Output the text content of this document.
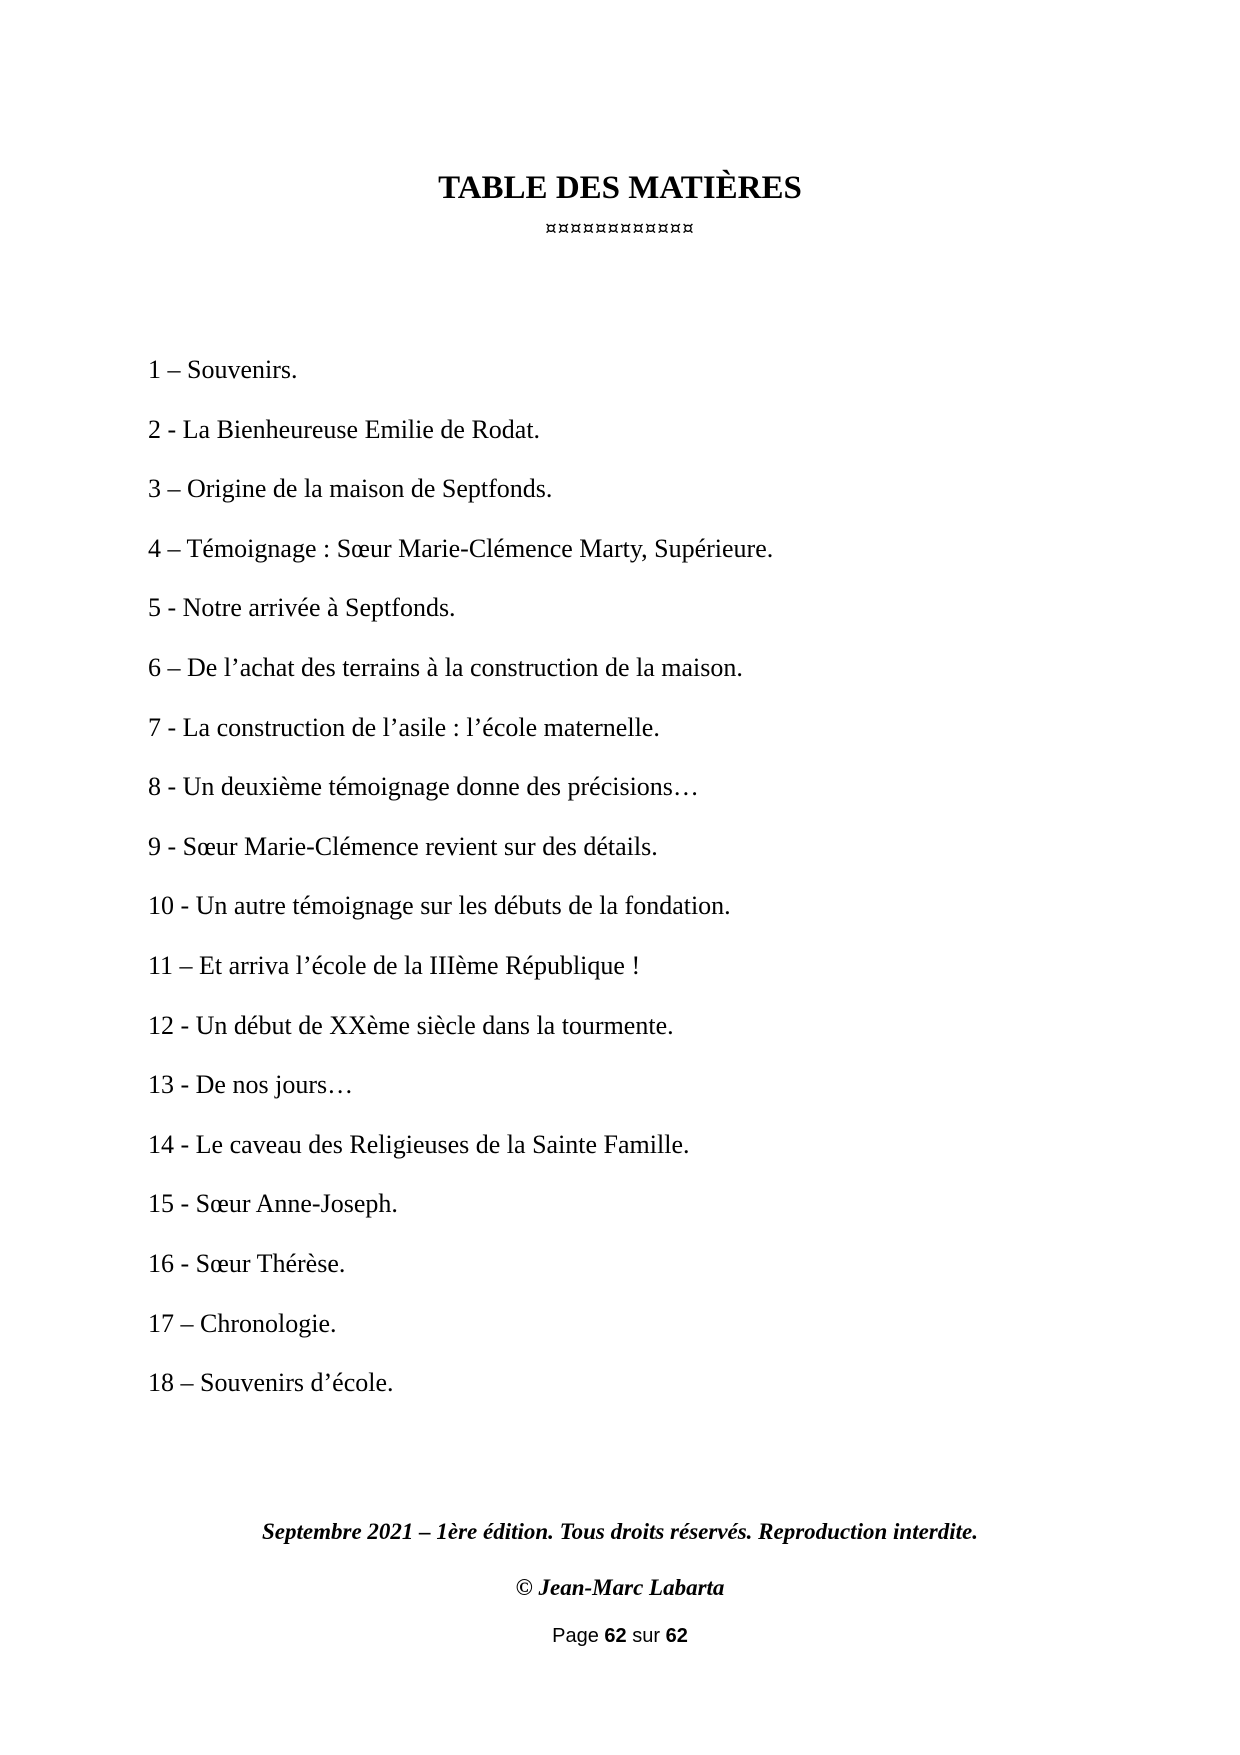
TABLE DES MATIÈRES
¤¤¤¤¤¤¤¤¤¤¤¤
1 – Souvenirs.
2 - La Bienheureuse Emilie de Rodat.
3 – Origine de la maison de Septfonds.
4 – Témoignage : Sœur Marie-Clémence Marty, Supérieure.
5 - Notre arrivée à Septfonds.
6 – De l’achat des terrains à la construction de la maison.
7 - La construction de l’asile : l’école maternelle.
8 - Un deuxième témoignage donne des précisions…
9 - Sœur Marie-Clémence revient sur des détails.
10 - Un autre témoignage sur les débuts de la fondation.
11 – Et arriva l’école de la IIIème République !
12 - Un début de XXème siècle dans la tourmente.
13 - De nos jours…
14 - Le caveau des Religieuses de la Sainte Famille.
15 - Sœur Anne-Joseph.
16 - Sœur Thérèse.
17 – Chronologie.
18 – Souvenirs d’école.

Septembre 2021 – 1ère édition. Tous droits réservés. Reproduction interdite.

© Jean-Marc Labarta

Page 62 sur 62
